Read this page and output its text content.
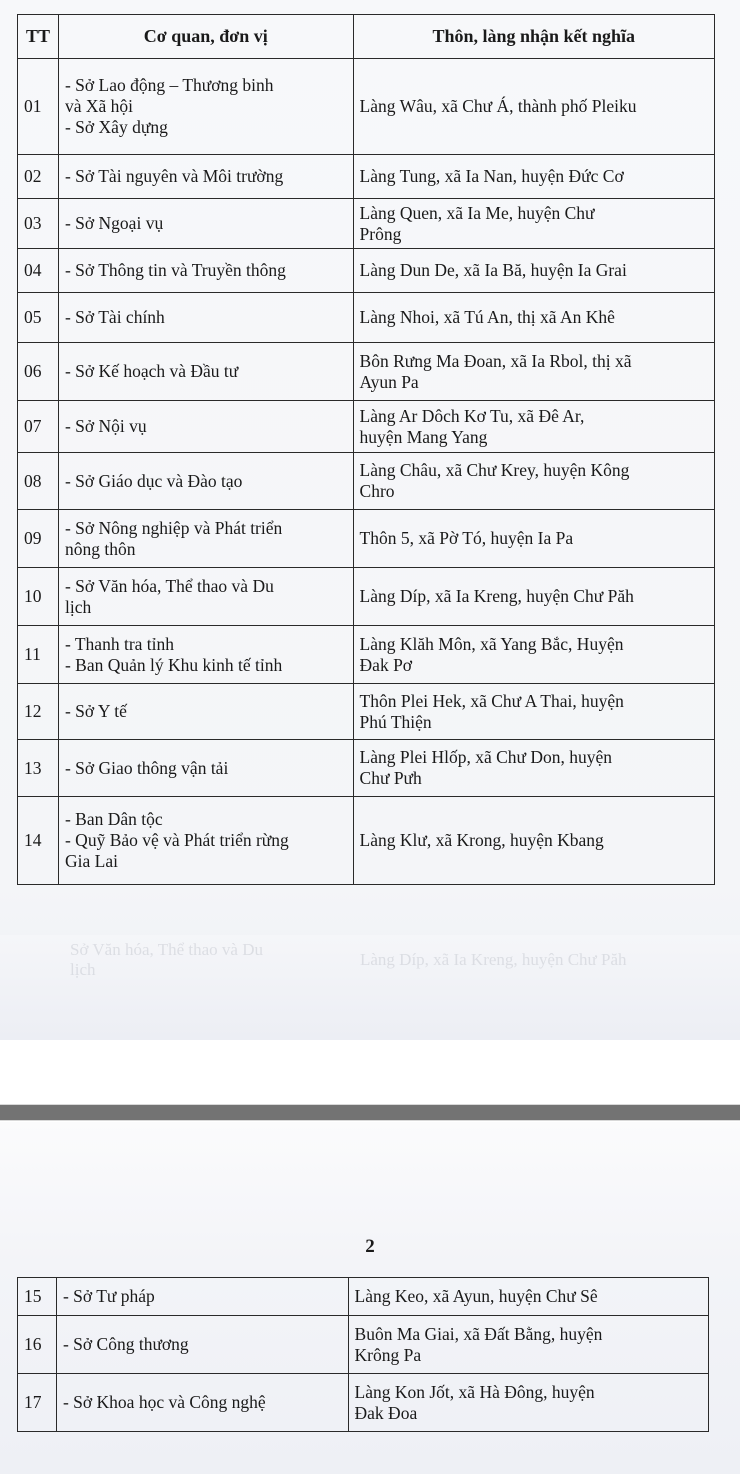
Sở Văn hóa, Thể thao và Du
lịch
Làng Díp, xã Ia Kreng, huyện Chư Păh
TT	Cơ quan, đơn vị	Thôn, làng nhận kết nghĩa
01	- Sở Lao động – Thương binh
và Xã hội
- Sở Xây dựng	Làng Wâu, xã Chư Á, thành phố Pleiku

02	- Sở Tài nguyên và Môi trường	Làng Tung, xã Ia Nan, huyện Đức Cơ

03	- Sở Ngoại vụ	Làng Quen, xã Ia Me, huyện Chư
Prông

04	- Sở Thông tin và Truyền thông	Làng Dun De, xã Ia Bă, huyện Ia Grai

05	- Sở Tài chính	Làng Nhoi, xã Tú An, thị xã An Khê

06	- Sở Kế hoạch và Đầu tư	Bôn Rưng Ma Đoan, xã Ia Rbol, thị xã
Ayun Pa

07	- Sở Nội vụ	Làng Ar Dôch Kơ Tu, xã Đê Ar,
huyện Mang Yang

08	- Sở Giáo dục và Đào tạo	Làng Châu, xã Chư Krey, huyện Kông
Chro

09	- Sở Nông nghiệp và Phát triển
nông thôn	Thôn 5, xã Pờ Tó, huyện Ia Pa

10	- Sở Văn hóa, Thể thao và Du
lịch	Làng Díp, xã Ia Kreng, huyện Chư Păh

11	- Thanh tra tỉnh
- Ban Quản lý Khu kinh tế tỉnh	Làng Klăh Môn, xã Yang Bắc, Huyện
Đak Pơ

12	- Sở Y tế	Thôn Plei Hek, xã Chư A Thai, huyện
Phú Thiện

13	- Sở Giao thông vận tải	Làng Plei Hlốp, xã Chư Don, huyện
Chư Pưh

14	- Ban Dân tộc
- Quỹ Bảo vệ và Phát triển rừng
Gia Lai	Làng Klư, xã Krong, huyện Kbang
2
15	- Sở Tư pháp	Làng Keo, xã Ayun, huyện Chư Sê

16	- Sở Công thương	Buôn Ma Giai, xã Đất Bằng, huyện
Krông Pa

17	- Sở Khoa học và Công nghệ	Làng Kon Jốt, xã Hà Đông, huyện
Đak Đoa
